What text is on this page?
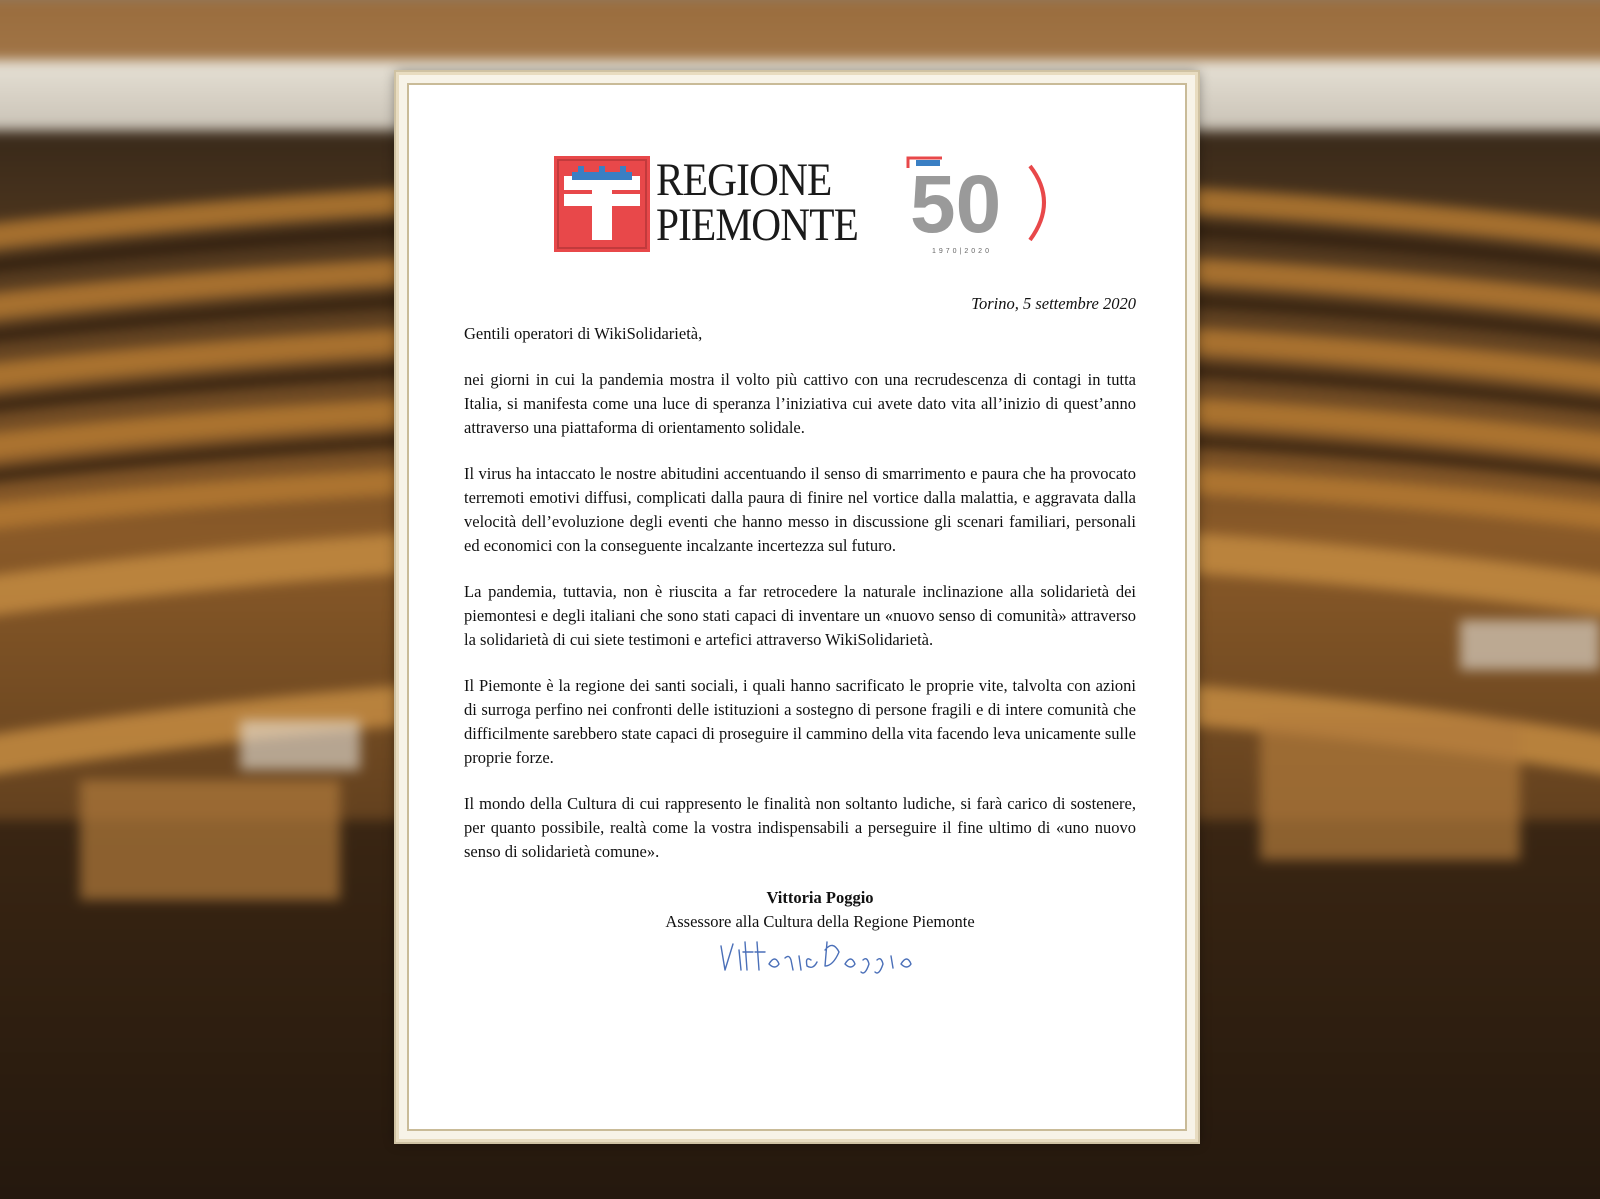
REGIONE
PIEMONTE 50
1970|2020
Torino, 5 settembre 2020

Gentili operatori di WikiSolidarietà,

nei giorni in cui la pandemia mostra il volto più cattivo con una recrudescenza di contagi in tutta Italia, si manifesta come una luce di speranza l’iniziativa cui avete dato vita all’inizio di quest’anno attraverso una piattaforma di orientamento solidale.

Il virus ha intaccato le nostre abitudini accentuando il senso di smarrimento e paura che ha provocato terremoti emotivi diffusi, complicati dalla paura di finire nel vortice dalla malattia, e aggravata dalla velocità dell’evoluzione degli eventi che hanno messo in discussione gli scenari familiari, personali ed economici con la conseguente incalzante incertezza sul futuro.

La pandemia, tuttavia, non è riuscita a far retrocedere la naturale inclinazione alla solidarietà dei piemontesi e degli italiani che sono stati capaci di inventare un «nuovo senso di comunità» attraverso la solidarietà di cui siete testimoni e artefici attraverso WikiSolidarietà.

Il Piemonte è la regione dei santi sociali, i quali hanno sacrificato le proprie vite, talvolta con azioni di surroga perfino nei confronti delle istituzioni a sostegno di persone fragili e di intere comunità che difficilmente sarebbero state capaci di proseguire il cammino della vita facendo leva unicamente sulle proprie forze.

Il mondo della Cultura di cui rappresento le finalità non soltanto ludiche, si farà carico di sostenere, per quanto possibile, realtà come la vostra indispensabili a perseguire il fine ultimo di «uno nuovo senso di solidarietà comune».

Vittoria Poggio
Assessore alla Cultura della Regione Piemonte
